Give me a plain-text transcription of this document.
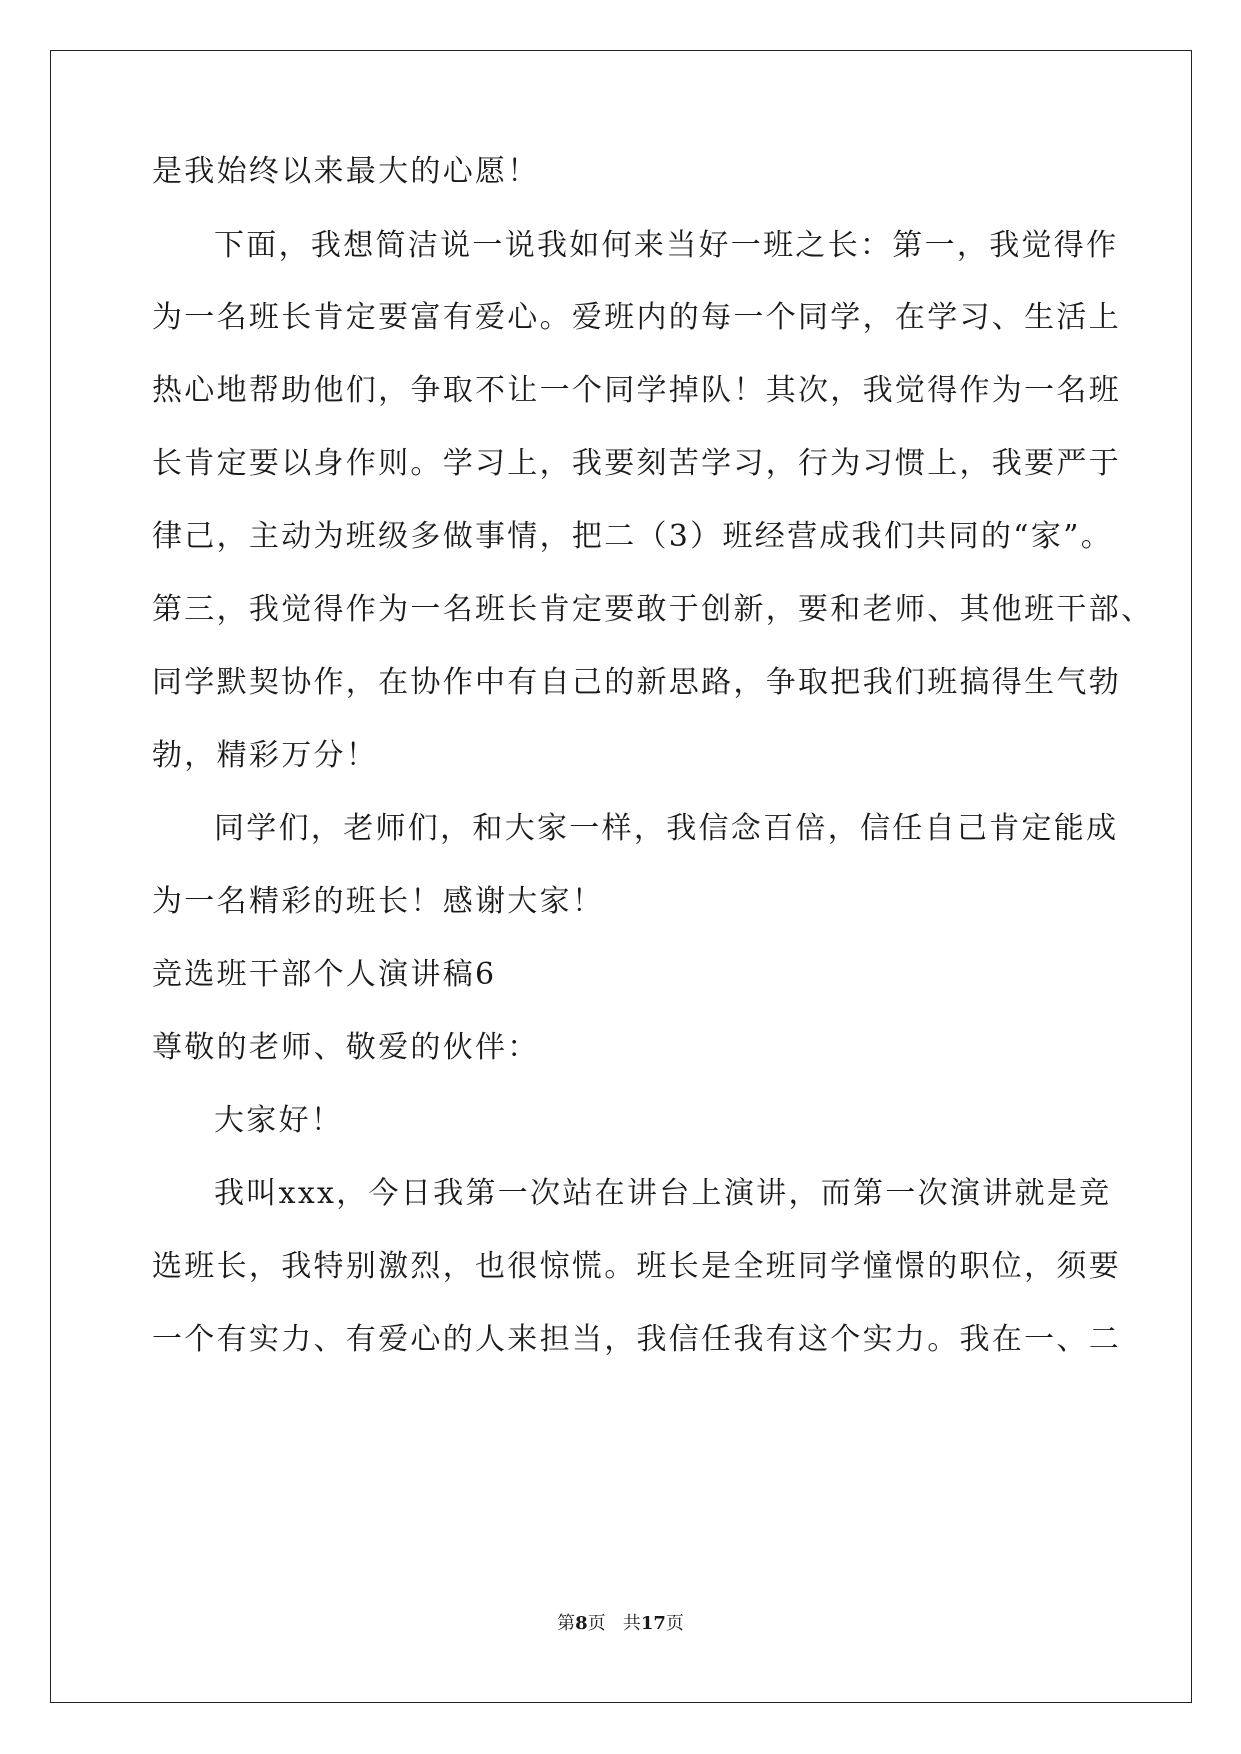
是我始终以来最大的心愿！
下面，我想简洁说一说我如何来当好一班之长：第一，我觉得作
为一名班长肯定要富有爱心。爱班内的每一个同学，在学习、生活上
热心地帮助他们，争取不让一个同学掉队！其次，我觉得作为一名班
长肯定要以身作则。学习上，我要刻苦学习，行为习惯上，我要严于
律己，主动为班级多做事情，把二（3）班经营成我们共同的“家”。
第三，我觉得作为一名班长肯定要敢于创新，要和老师、其他班干部、
同学默契协作，在协作中有自己的新思路，争取把我们班搞得生气勃
勃，精彩万分！
同学们，老师们，和大家一样，我信念百倍，信任自己肯定能成
为一名精彩的班长！感谢大家！
竞选班干部个人演讲稿6
尊敬的老师、敬爱的伙伴：
大家好！
我叫xxx，今日我第一次站在讲台上演讲，而第一次演讲就是竞
选班长，我特别激烈，也很惊慌。班长是全班同学憧憬的职位，须要
一个有实力、有爱心的人来担当，我信任我有这个实力。我在一、二
第8页 共17页
